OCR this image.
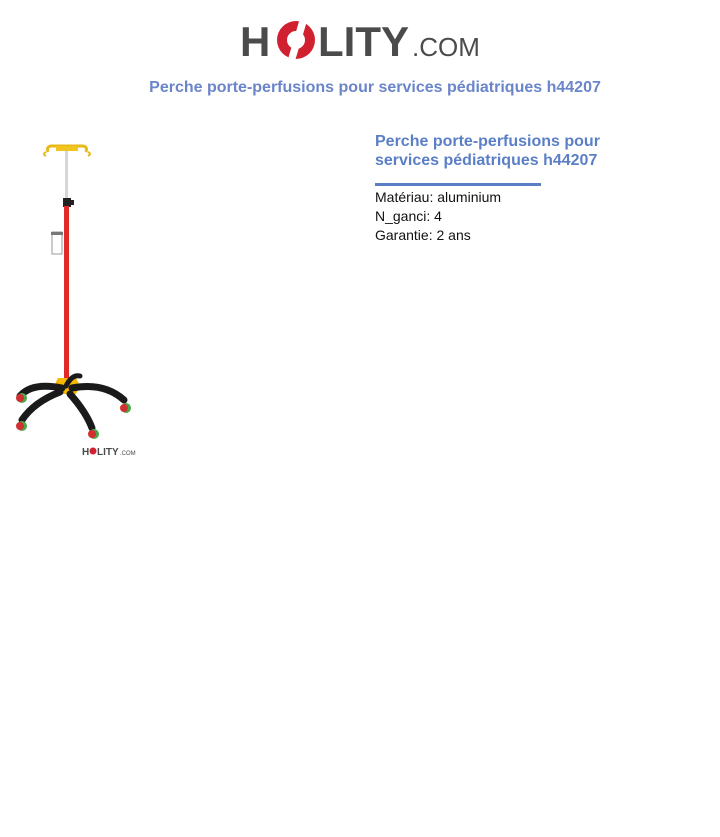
H LITY .COM
Perche porte-perfusions pour services pédiatriques h44207
H LITY .COM
Perche porte-perfusions pour services pédiatriques h44207
Matériau: aluminium
N_ganci: 4
Garantie: 2 ans
